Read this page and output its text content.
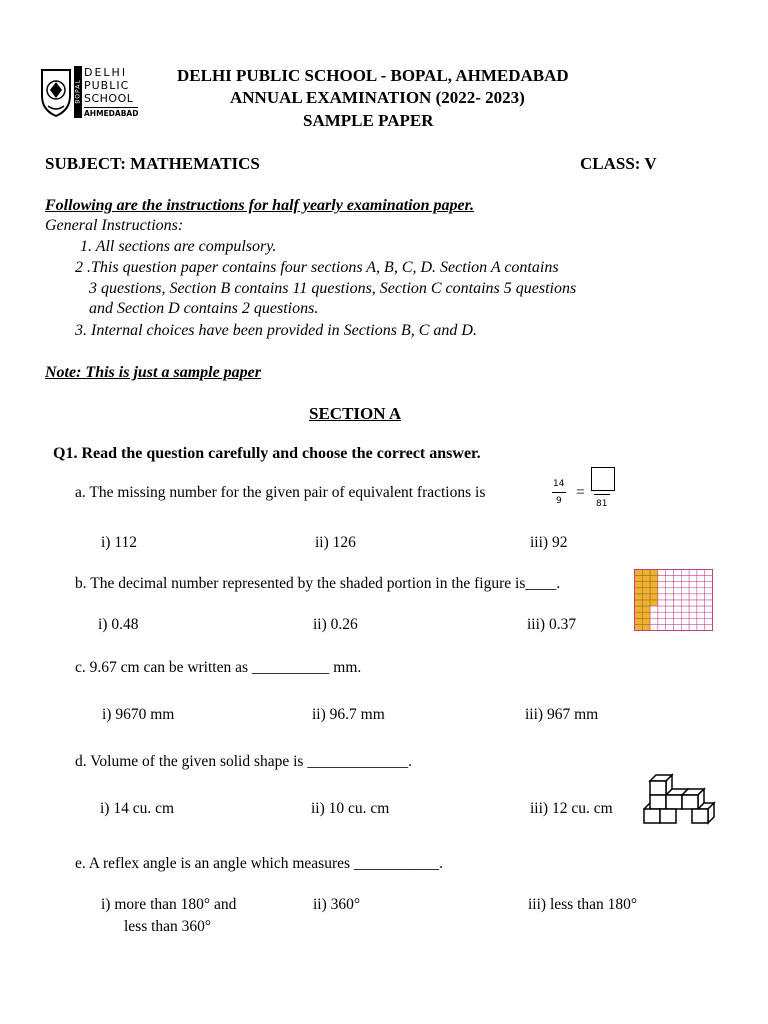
BOPAL
DELHI
PUBLIC
SCHOOL
AHMEDABAD
DELHI PUBLIC SCHOOL - BOPAL, AHMEDABAD
ANNUAL EXAMINATION (2022- 2023)
SAMPLE PAPER
SUBJECT: MATHEMATICS	CLASS: V
Following are the instructions for half yearly examination paper.
General Instructions:
1. All sections are compulsory.
2 .This question paper contains four sections A, B, C, D. Section A contains
3 questions, Section B contains 11 questions, Section C contains 5 questions
and Section D contains 2 questions.
3. Internal choices have been provided in Sections B, C and D.
Note: This is just a sample paper
SECTION A
Q1. Read the question carefully and choose the correct answer.
a. The missing number for the given pair of equivalent fractions is	14
9 =
81
i) 112	ii) 126	iii) 92
b. The decimal number represented by the shaded portion in the figure is____.
i) 0.48	ii) 0.26	iii) 0.37
c. 9.67 cm can be written as __________ mm.
i) 9670 mm	ii) 96.7 mm	iii) 967 mm
d. Volume of the given solid shape is _____________.
i) 14 cu. cm	ii) 10 cu. cm	iii) 12 cu. cm
e. A reflex angle is an angle which measures ___________.
i) more than 180° and
less than 360°
ii) 360°	iii) less than 180°
